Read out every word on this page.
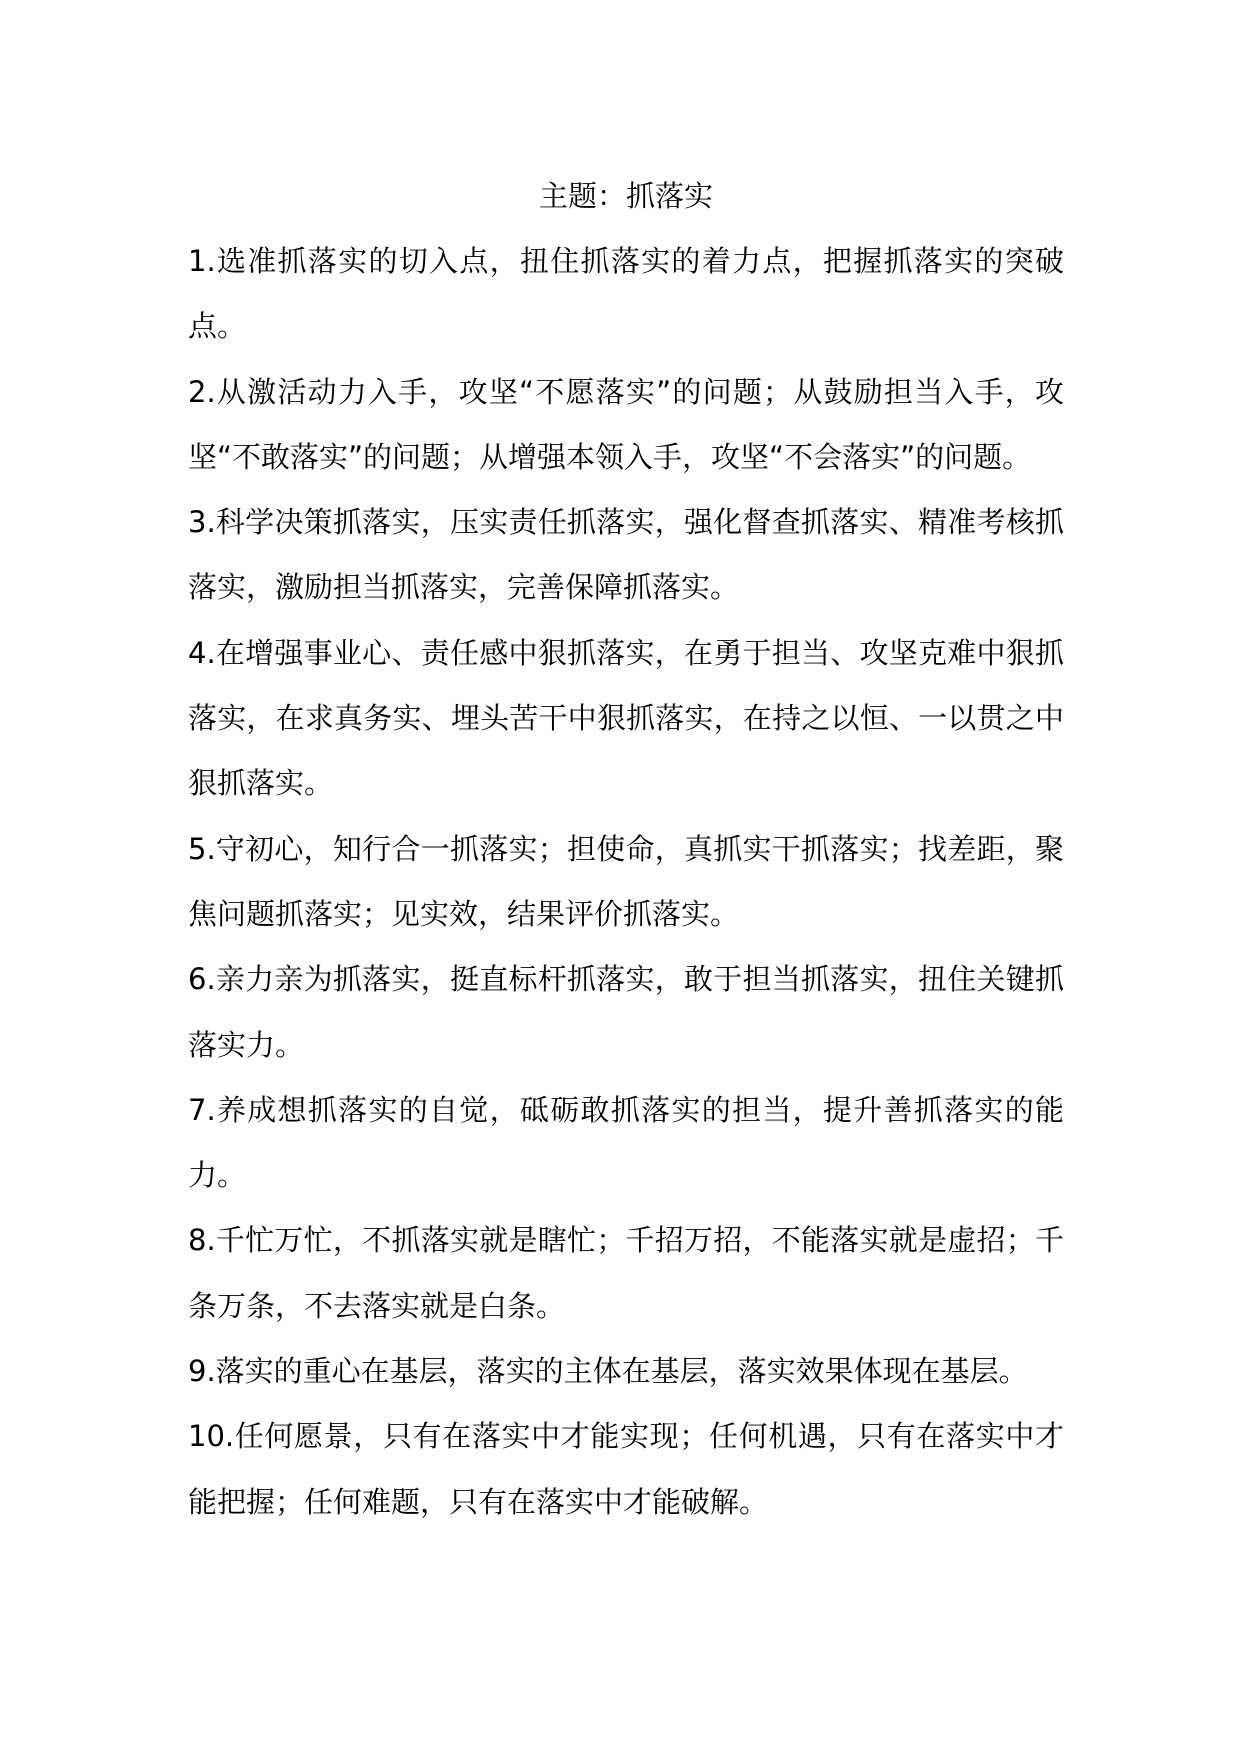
主题：抓落实

1.选准抓落实的切入点，扭住抓落实的着力点，把握抓落实的突破点。

2.从激活动力入手，攻坚“不愿落实”的问题；从鼓励担当入手，攻坚“不敢落实”的问题；从增强本领入手，攻坚“不会落实”的问题。

3.科学决策抓落实，压实责任抓落实，强化督查抓落实、精准考核抓落实，激励担当抓落实，完善保障抓落实。

4.在增强事业心、责任感中狠抓落实，在勇于担当、攻坚克难中狠抓落实，在求真务实、埋头苦干中狠抓落实，在持之以恒、一以贯之中狠抓落实。

5.守初心，知行合一抓落实；担使命，真抓实干抓落实；找差距，聚焦问题抓落实；见实效，结果评价抓落实。

6.亲力亲为抓落实，挺直标杆抓落实，敢于担当抓落实，扭住关键抓落实力。

7.养成想抓落实的自觉，砥砺敢抓落实的担当，提升善抓落实的能力。

8.千忙万忙，不抓落实就是瞎忙；千招万招，不能落实就是虚招；千条万条，不去落实就是白条。

9.落实的重心在基层，落实的主体在基层，落实效果体现在基层。

10.任何愿景，只有在落实中才能实现；任何机遇，只有在落实中才能把握；任何难题，只有在落实中才能破解。
